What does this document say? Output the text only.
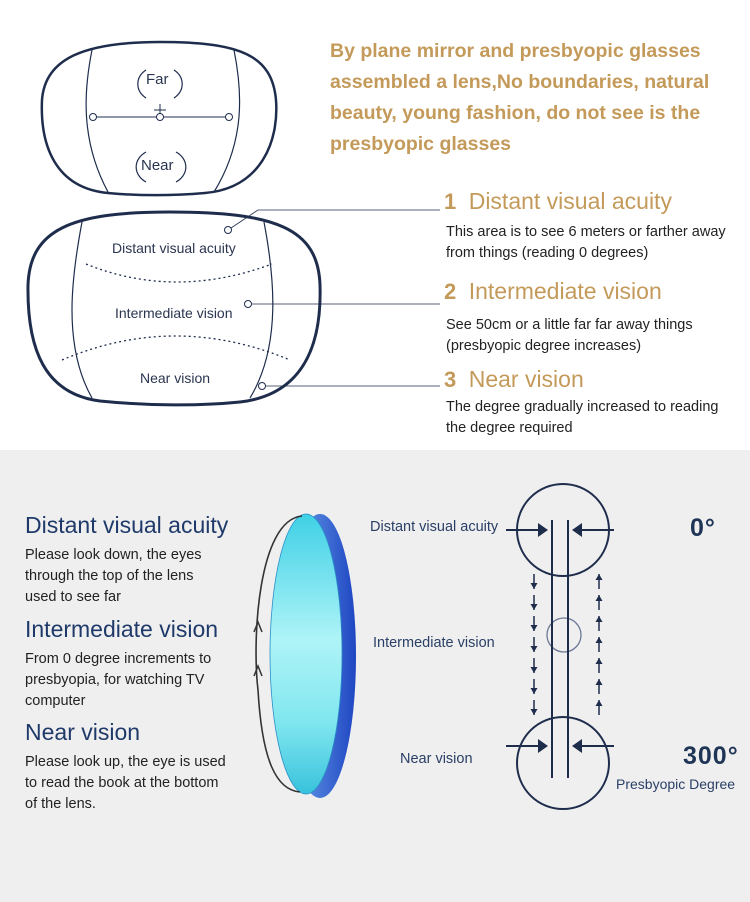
By plane mirror and presbyopic glasses
assembled a lens,No boundaries, natural
beauty, young fashion, do not see is the
presbyopic glasses
Far
Near
Distant visual acuity
Intermediate vision
Near vision
1 Distant visual acuity
This area is to see 6 meters or farther away
from things (reading 0 degrees)
2 Intermediate vision
See 50cm or a little far far away things
(presbyopic degree increases)
3 Near vision
The degree gradually increased to reading
the degree required
Distant visual acuity
Please look down, the eyes
through the top of the lens
used to see far
Intermediate vision
From 0 degree increments to
presbyopia, for watching TV
computer
Near vision
Please look up, the eye is used
to read the book at the bottom
of the lens.
Distant visual acuity
Intermediate vision
Near vision
0°
300°
Presbyopic Degree
